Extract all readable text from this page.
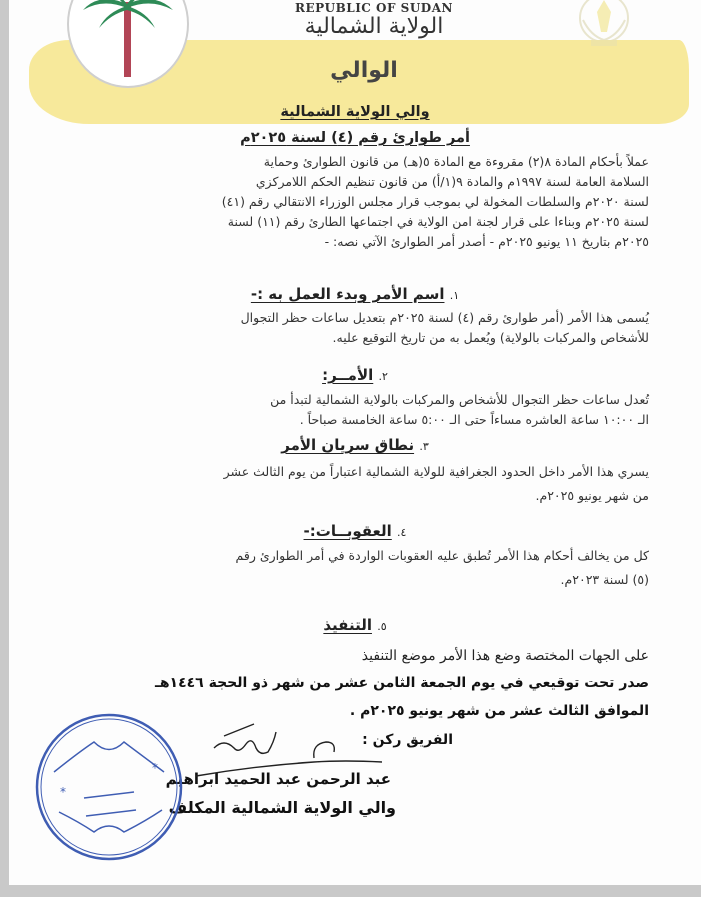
REPUBLIC OF SUDAN
الولاية الشمالية
الوالي
والي الولاية الشمالية
أمر طوارئ رقم (٤) لسنة ٢٠٢٥م
عملاً بأحكام المادة ٨(٢) مقروءة مع المادة ٥(هـ) من قانون الطوارئ وحماية
السلامة العامة لسنة ١٩٩٧م والمادة ٩(١/أ) من قانون تنظيم الحكم اللامركزي
لسنة ٢٠٢٠م والسلطات المخولة لي بموجب قرار مجلس الوزراء الانتقالي رقم (٤١)
لسنة ٢٠٢٥م وبناءا على قرار لجنة امن الولاية في اجتماعها الطارئ رقم (١١) لسنة
٢٠٢٥م بتاريخ ١١ يونيو ٢٠٢٥م - أصدر أمر الطوارئ الآتي نصه: -
١. اسم الأمر وبدء العمل به :-
يُسمى هذا الأمر (أمر طوارئ رقم (٤) لسنة ٢٠٢٥م بتعديل ساعات حظر التجوال
للأشخاص والمركبات بالولاية) ويُعمل به من تاريخ التوقيع عليه.
٢. الأمــر:
تُعدل ساعات حظر التجوال للأشخاص والمركبات بالولاية الشمالية لتبدأ من
الـ ١٠:٠٠ ساعة العاشره مساءاً حتى الـ ٥:٠٠ ساعة الخامسة صباحاً .
٣. نطاق سريان الأمر
يسري هذا الأمر داخل الحدود الجغرافية للولاية الشمالية اعتباراً من يوم الثالث عشر
من شهر يونيو ٢٠٢٥م.
٤. العقوبــات:-
كل من يخالف أحكام هذا الأمر تُطبق عليه العقوبات الواردة في أمر الطوارئ رقم
(٥) لسنة ٢٠٢٣م.
٥. التنفيذ
على الجهات المختصة وضع هذا الأمر موضع التنفيذ
صدر تحت توقيعي في يوم الجمعة الثامن عشر من شهر ذو الحجة ١٤٤٦هـ
الموافق الثالث عشر من شهر يونيو ٢٠٢٥م .
الفريق ركن :
عبد الرحمن عبد الحميد ابراهيم
والي الولاية الشمالية المكلف
*
*
